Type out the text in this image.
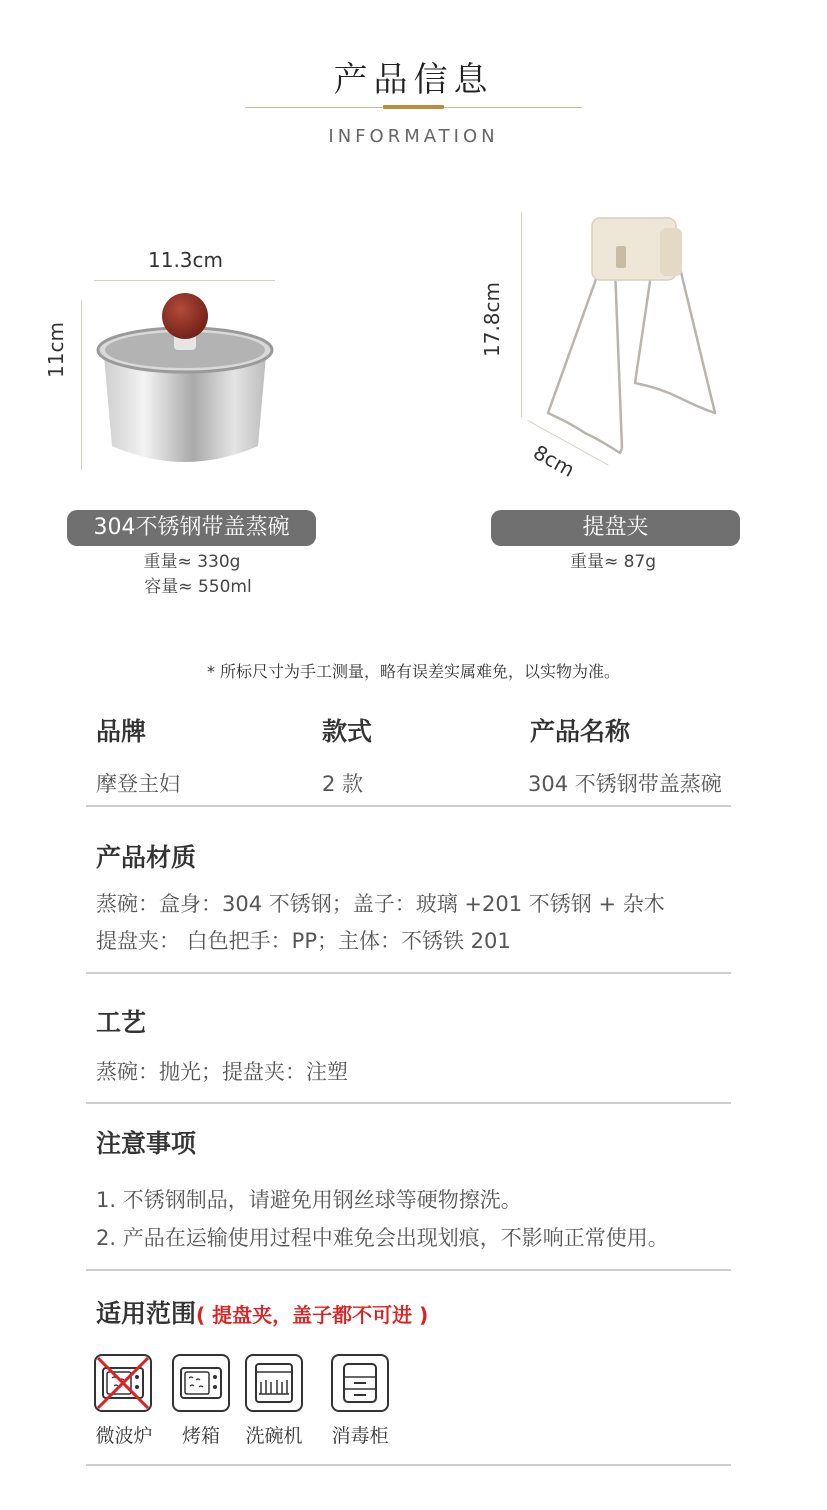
产品信息
INFORMATION
11.3cm
11cm
304不锈钢带盖蒸碗
重量≈ 330g
容量≈ 550ml
17.8cm
8cm
提盘夹
重量≈ 87g
* 所标尺寸为手工测量，略有误差实属难免，以实物为准。
品牌	款式	产品名称
摩登主妇	2 款	304 不锈钢带盖蒸碗
产品材质
蒸碗：盒身：304 不锈钢；盖子：玻璃 +201 不锈钢 + 杂木
提盘夹： 白色把手：PP；主体：不锈铁 201
工艺
蒸碗：抛光；提盘夹：注塑
注意事项
1. 不锈钢制品，请避免用钢丝球等硬物擦洗。
2. 产品在运输使用过程中难免会出现划痕，不影响正常使用。
适用范围( 提盘夹，盖子都不可进 )
微波炉	烤箱	洗碗机	消毒柜
